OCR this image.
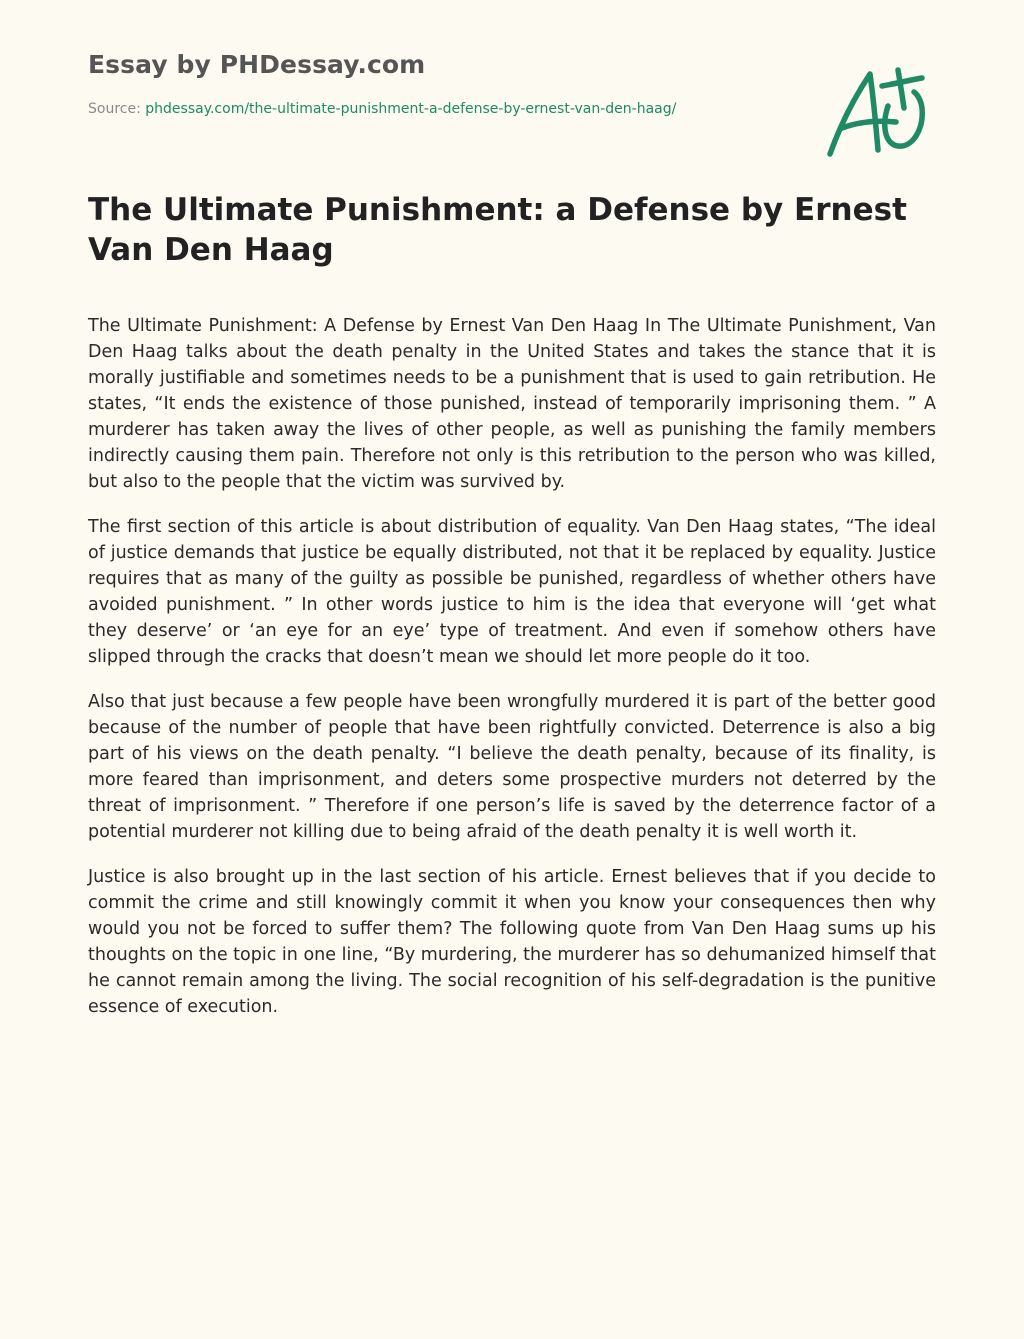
Essay by PHDessay.com
Source: phdessay.com/the-ultimate-punishment-a-defense-by-ernest-van-den-haag/
The Ultimate Punishment: a Defense by Ernest Van Den Haag

The Ultimate Punishment: A Defense by Ernest Van Den Haag In The Ultimate Punishment, Van Den Haag talks about the death penalty in the United States and takes the stance that it is morally justifiable and sometimes needs to be a punishment that is used to gain retribution. He states, “It ends the existence of those punished, instead of temporarily imprisoning them. ” A murderer has taken away the lives of other people, as well as punishing the family members indirectly causing them pain. Therefore not only is this retribution to the person who was killed, but also to the people that the victim was survived by.

The first section of this article is about distribution of equality. Van Den Haag states, “The ideal of justice demands that justice be equally distributed, not that it be replaced by equality. Justice requires that as many of the guilty as possible be punished, regardless of whether others have avoided punishment. ” In other words justice to him is the idea that everyone will ‘get what they deserve’ or ‘an eye for an eye’ type of treatment. And even if somehow others have slipped through the cracks that doesn’t mean we should let more people do it too.

Also that just because a few people have been wrongfully murdered it is part of the better good because of the number of people that have been rightfully convicted. Deterrence is also a big part of his views on the death penalty. “I believe the death penalty, because of its finality, is more feared than imprisonment, and deters some prospective murders not deterred by the threat of imprisonment. ” Therefore if one person’s life is saved by the deterrence factor of a potential murderer not killing due to being afraid of the death penalty it is well worth it.

Justice is also brought up in the last section of his article. Ernest believes that if you decide to commit the crime and still knowingly commit it when you know your consequences then why would you not be forced to suffer them? The following quote from Van Den Haag sums up his thoughts on the topic in one line, “By murdering, the murderer has so dehumanized himself that he cannot remain among the living. The social recognition of his self-degradation is the punitive essence of execution.
